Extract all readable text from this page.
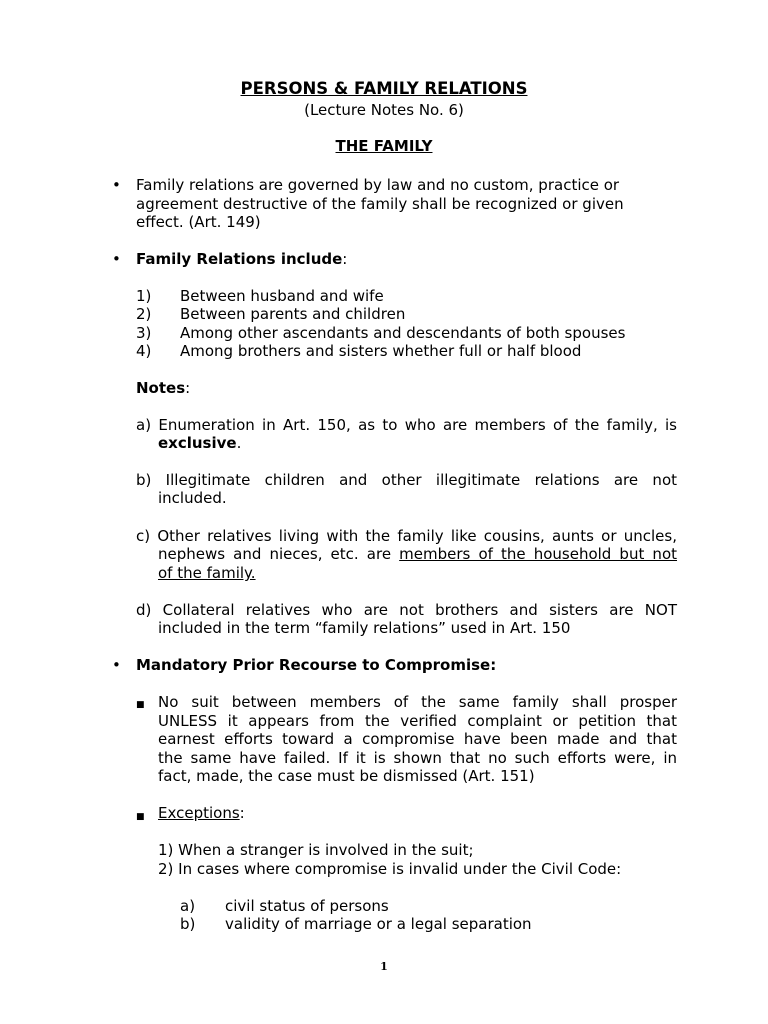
PERSONS & FAMILY RELATIONS
(Lecture Notes No. 6)
THE FAMILY
• Family relations are governed by law and no custom, practice or
agreement destructive of the family shall be recognized or given
effect. (Art. 149)
• Family Relations include:
1) Between husband and wife
2) Between parents and children
3) Among other ascendants and descendants of both spouses
4) Among brothers and sisters whether full or half blood
Notes:
a) Enumeration in Art. 150, as to who are members of the family, is
exclusive.
b) Illegitimate children and other illegitimate relations are not
included.
c) Other relatives living with the family like cousins, aunts or uncles,
nephews and nieces, etc. are members of the household but not
of the family.
d) Collateral relatives who are not brothers and sisters are NOT
included in the term “family relations” used in Art. 150
• Mandatory Prior Recourse to Compromise:
■ No suit between members of the same family shall prosper
UNLESS it appears from the verified complaint or petition that
earnest efforts toward a compromise have been made and that
the same have failed. If it is shown that no such efforts were, in
fact, made, the case must be dismissed (Art. 151)
■ Exceptions:
1) When a stranger is involved in the suit;
2) In cases where compromise is invalid under the Civil Code:
a) civil status of persons
b) validity of marriage or a legal separation
1
